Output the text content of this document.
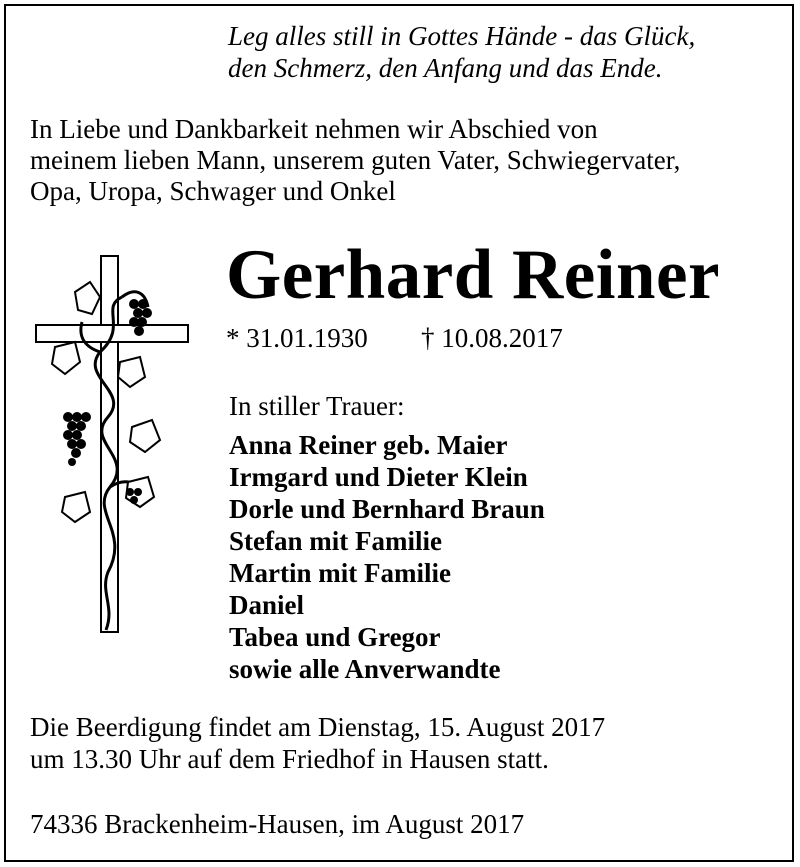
Leg alles still in Gottes Hände - das Glück,
den Schmerz, den Anfang und das Ende.
In Liebe und Dankbarkeit nehmen wir Abschied von
meinem lieben Mann, unserem guten Vater, Schwiegervater,
Opa, Uropa, Schwager und Onkel
Gerhard Reiner
* 31.01.1930 † 10.08.2017
In stiller Trauer:
Anna Reiner geb. Maier
Irmgard und Dieter Klein
Dorle und Bernhard Braun
Stefan mit Familie
Martin mit Familie
Daniel
Tabea und Gregor
sowie alle Anverwandte
Die Beerdigung findet am Dienstag, 15. August 2017
um 13.30 Uhr auf dem Friedhof in Hausen statt.
74336 Brackenheim-Hausen, im August 2017
